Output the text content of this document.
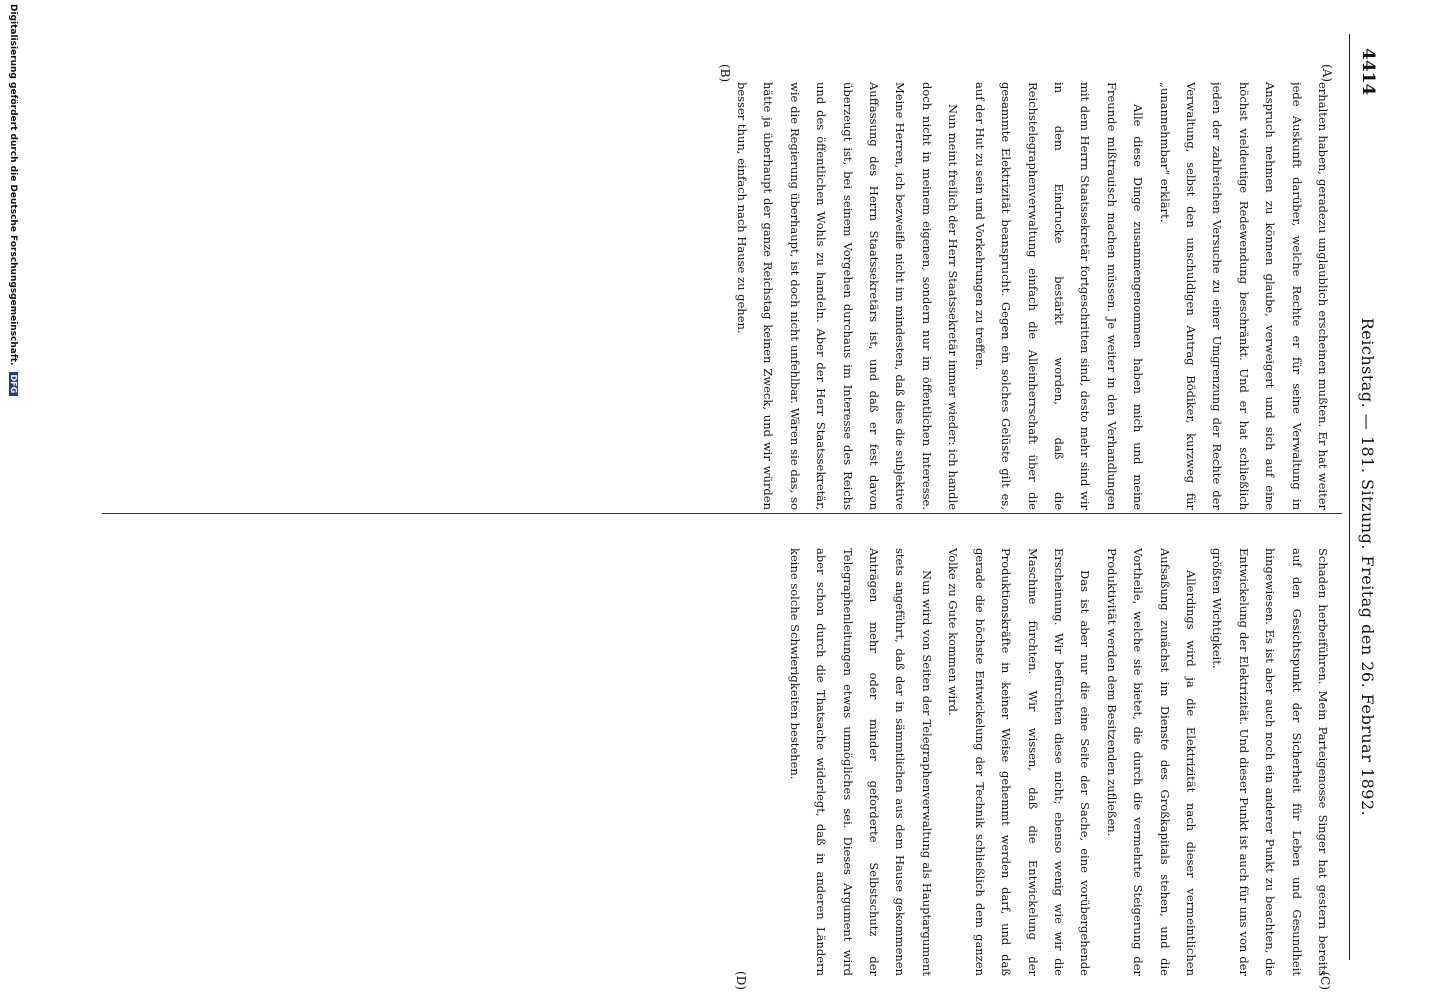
4414
Reichstag. — 181. Sitzung. Freitag den 26. Februar 1892.
(A)
(B)
(C)
(D)

erhalten haben, geradezu unglaublich erscheinen mußten. Er hat weiter jede Auskunft darüber, welche Rechte er für seine Verwaltung in Anspruch nehmen zu können glaube, verweigert und sich auf eine höchst vieldeutige Redewendung beschränkt. Und er hat schließlich jeden der zahlreichen Versuche zu einer Umgrenzung der Rechte der Verwaltung, selbst den unschuldigen Antrag Bödiker, kurzweg für „unannehmbar“ erklärt.

Alle diese Dinge zusammengenommen haben mich und meine Freunde mißtrauisch machen müssen. Je weiter in den Verhandlungen mit dem Herrn Staatssekretär fortgeschritten sind, desto mehr sind wir in dem Eindrucke bestärkt worden, daß die Reichstelegraphenverwaltung einfach die Alleinherrschaft über die gesammte Elektrizität beansprucht. Gegen ein solches Gelüste gilt es, auf der Hut zu sein und Vorkehrungen zu treffen.

Nun meint freilich der Herr Staatssekretär immer wieder: ich handle doch nicht in meinem eigenen, sondern nur im öffentlichen Interesse. Meine Herren, ich bezweifle nicht im mindesten, daß dies die subjektive Auffassung des Herrn Staatssekretärs ist, und daß er fest davon überzeugt ist, bei seinem Vorgehen durchaus im Interesse des Reichs und des öffentlichen Wohls zu handeln. Aber der Herr Staatssekretär, wie die Regierung überhaupt, ist doch nicht unfehlbar. Wären sie das, so hätte ja überhaupt der ganze Reichstag keinen Zweck, und wir würden besser thun, einfach nach Hause zu gehen.

Schaden herbeiführen. Mein Parteigenosse Singer hat gestern bereits auf den Gesichtspunkt der Sicherheit für Leben und Gesundheit hingewiesen. Es ist aber auch noch ein anderer Punkt zu beachten, die Entwickelung der Elektrizität. Und dieser Punkt ist auch für uns von der größten Wichtigkeit.

Allerdings wird ja die Elektrizität nach dieser vermeintlichen Aufsaßung zunächst im Dienste des Großkapitals stehen, und die Vortheile, welche sie bietet, die durch die vermehrte Steigerung der Produktivität werden dem Besitzenden zufließen.

Das ist aber nur die eine Seite der Sache, eine vorübergehende Erscheinung. Wir befürchten diese nicht; ebenso wenig wie wir die Maschine fürchten. Wir wissen, daß die Entwickelung der Produktionskräfte in keiner Weise gehemmt werden darf, und daß gerade die höchste Entwickelung der Technik schließlich dem ganzen Volke zu Gute kommen wird.

Nun wird von Seiten der Telegraphenverwaltung als Hauptargument stets angeführt, daß der in sämmtlichen aus dem Hause gekommenen Anträgen mehr oder minder geforderte Selbstschutz der Telegraphenleitungen etwas unmögliches sei. Dieses Argument wird aber schon durch die Thatsache widerlegt, daß in anderen Ländern keine solche Schwierigkeiten bestehen.

Digitalisierung gefördert durch die Deutsche Forschungsgemeinschaft.DFG
